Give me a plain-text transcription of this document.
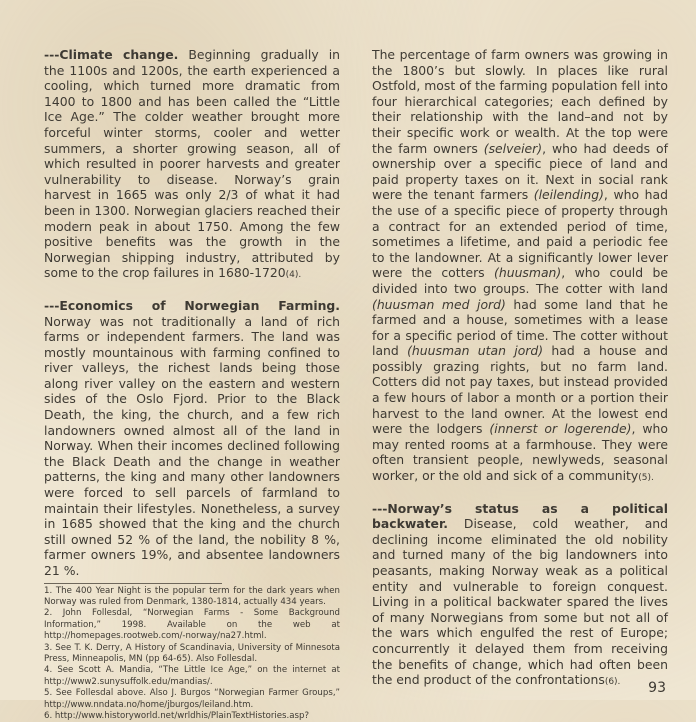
---Climate change. Beginning gradually in the 1100s and 1200s, the earth experienced a cooling, which turned more dramatic from 1400 to 1800 and has been called the “Little Ice Age.” The colder weather brought more forceful winter storms, cooler and wetter summers, a shorter growing season, all of which resulted in poorer harvests and greater vulnerability to disease. Norway’s grain harvest in 1665 was only 2/3 of what it had been in 1300. Norwegian glaciers reached their modern peak in about 1750. Among the few positive benefits was the growth in the Norwegian shipping industry, attributed by some to the crop failures in 1680-1720(4).

---Economics of Norwegian Farming. Norway was not traditionally a land of rich farms or independent farmers. The land was mostly mountainous with farming confined to river valleys, the richest lands being those along river valley on the eastern and western sides of the Oslo Fjord. Prior to the Black Death, the king, the church, and a few rich landowners owned almost all of the land in Norway. When their incomes declined following the Black Death and the change in weather patterns, the king and many other landowners were forced to sell parcels of farmland to maintain their lifestyles. Nonetheless, a survey in 1685 showed that the king and the church still owned 52 % of the land, the nobility 8 %, farmer owners 19%, and absentee landowners 21 %.

1. The 400 Year Night is the popular term for the dark years when Norway was ruled from Denmark, 1380-1814, actually 434 years.
2. John Follesdal, “Norwegian Farms - Some Background Information,” 1998. Available on the web at http://homepages.rootweb.com/-norway/na27.html.
3. See T. K. Derry, A History of Scandinavia, University of Minnesota Press, Minneapolis, MN (pp 64-65). Also Follesdal.
4. See Scott A. Mandia, “The Little Ice Age,” on the internet at http://www2.sunysuffolk.edu/mandias/.
5. See Follesdal above. Also J. Burgos “Norwegian Farmer Groups,” http://www.nndata.no/home/jburgos/leiland.htm.
6. http://www.historyworld.net/wrldhis/PlainTextHistories.asp?

The percentage of farm owners was growing in the 1800’s but slowly. In places like rural Ostfold, most of the farming population fell into four hierarchical categories; each defined by their relationship with the land–and not by their specific work or wealth. At the top were the farm owners (selveier), who had deeds of ownership over a specific piece of land and paid property taxes on it. Next in social rank were the tenant farmers (leilending), who had the use of a specific piece of property through a contract for an extended period of time, sometimes a lifetime, and paid a periodic fee to the landowner. At a significantly lower lever were the cotters (huusman), who could be divided into two groups. The cotter with land (huusman med jord) had some land that he farmed and a house, sometimes with a lease for a specific period of time. The cotter without land (huusman utan jord) had a house and possibly grazing rights, but no farm land. Cotters did not pay taxes, but instead provided a few hours of labor a month or a portion their harvest to the land owner. At the lowest end were the lodgers (innerst or logerende), who may rented rooms at a farmhouse. They were often transient people, newlyweds, seasonal worker, or the old and sick of a community(5).

---Norway’s status as a political backwater. Disease, cold weather, and declining income eliminated the old nobility and turned many of the big landowners into peasants, making Norway weak as a political entity and vulnerable to foreign conquest. Living in a political backwater spared the lives of many Norwegians from some but not all of the wars which engulfed the rest of Europe; concurrently it delayed them from receiving the benefits of change, which had often been the end product of the confrontations(6).	93
